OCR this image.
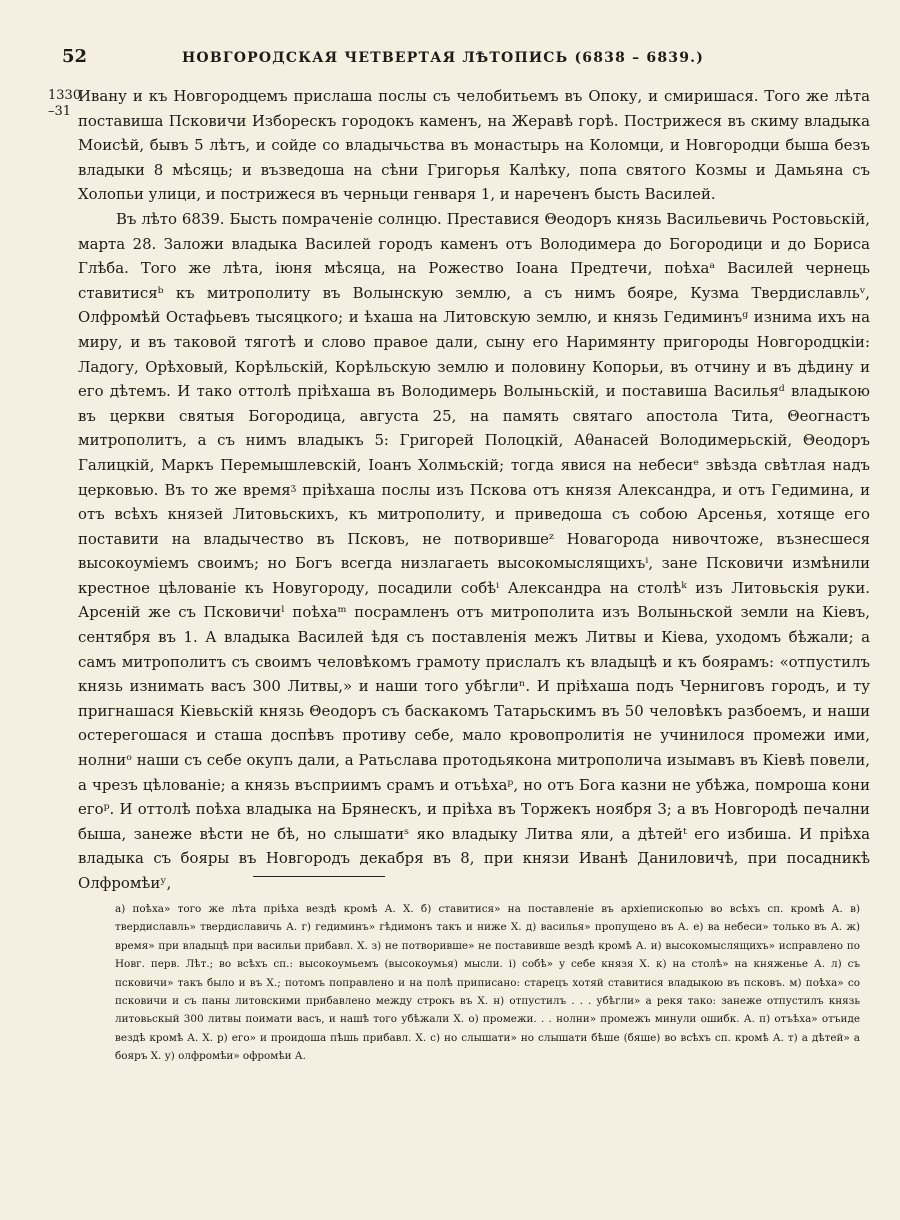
52	НОВГОРОДСКАЯ ЧЕТВЕРТАЯ ЛѢТОПИСЬ (6838 – 6839.)
1330
–31

Ивану и къ Новгородцемъ прислаша послы съ челобитьемъ въ Опоку, и смиришася. Того же лѣта поставиша Псковичи Изборескъ городокъ каменъ, на Жеравѣ горѣ. Пострижеся въ скиму владыка Моисѣй, бывъ 5 лѣтъ, и сойде со владычьства въ монастырь на Коломци, и Новгородци быша безъ владыки 8 мѣсяць; и възведоша на сѣни Григорья Калѣку, попа святого Козмы и Дамьяна съ Холопьи улици, и пострижеся въ черньци генваря 1, и нареченъ бысть Василей.

Въ лѣто 6839. Бысть помраченiе солнцю. Преставися Θеодоръ князь Васильевичь Ростовьскiй, марта 28. Заложи владыка Василей городъ каменъ отъ Володимера до Богородици и до Бориса Глѣба. Того же лѣта, iюня мѣсяца, на Рожество Iоана Предтечи, поѣхаᵃ Василей чернець ставитисяᵇ къ митрополиту въ Волынскую землю, а съ нимъ бояре, Кузма Твердиславльᵛ, Олфромѣй Остафьевъ тысяцкого; и ѣхаша на Литовскую землю, и князь Гедиминъᵍ изнима ихъ на миру, и въ таковой тяготѣ и слово правое дали, сыну его Наримянту пригороды Новгородцкiи: Ладогу, Орѣховый, Корѣльскiй, Корѣльскую землю и половину Копорьи, въ отчину и въ дѣдину и его дѣтемъ. И тако оттолѣ прiѣхаша въ Володимерь Волыньскiй, и поставиша Васильяᵈ владыкою въ церкви святыя Богородица, августа 25, на память святаго апостола Тита, Θеогнастъ митрополитъ, а съ нимъ владыкъ 5: Григорей Полоцкiй, Аθанасей Володимерьскiй, Θеодоръ Галицкiй, Маркъ Перемышлевскiй, Iоанъ Холмьскiй; тогда явися на небесиᵉ звѣзда свѣтлая надъ церковью. Въ то же времяᶾ прiѣхаша послы изъ Пскова отъ князя Александра, и отъ Гедимина, и отъ всѣхъ князей Литовьскихъ, къ митрополиту, и приведоша съ собою Арсенья, хотяще его поставити на владычество въ Псковъ, не потворившеᶻ Новагорода нивочтоже, възнесшеся высокоумiемъ своимъ; но Богъ всегда низлагаеть высокомыслящихъⁱ, зане Псковичи измѣнили крестное цѣлованiе къ Новугороду, посадили собѣⁱ Александра на столѣᵏ изъ Литовьскiя руки. Арсенiй же съ Псковичиˡ поѣхаᵐ посрамленъ отъ митрополита изъ Волыньской земли на Кiевъ, сентября въ 1. А владыка Василей ѣдя съ поставленiя межъ Литвы и Кiева, уходомъ бѣжали; а самъ митрополитъ съ своимъ человѣкомъ грамоту прислалъ къ владыцѣ и къ боярамъ: «отпустилъ князь изнимать васъ 300 Литвы,» и наши того убѣглиⁿ. И прiѣхаша подъ Черниговъ городъ, и ту пригнашася Кiевьскiй князь Θеодоръ съ баскакомъ Татарьскимъ въ 50 человѣкъ разбоемъ, и наши остерегошася и сташа доспѣвъ противу себе, мало кровопролитiя не учинилося промежи ими, нолниᵒ наши съ себе окупъ дали, а Ратьслава протодьякона митрополича изымавъ въ Кiевѣ повели, а чрезъ цѣлованiе; а князь въсприимъ срамъ и отъѣхаᵖ, но отъ Бога казни не убѣжа, помроша кони егоᵖ. И оттолѣ поѣха владыка на Брянескъ, и прiѣха въ Торжекъ ноября 3; а въ Новгородѣ печални быша, занеже вѣсти не бѣ, но слышатиˢ яко владыку Литва яли, а дѣтейᵗ его избиша. И прiѣха владыка съ бояры въ Новгородъ декабря въ 8, при князи Иванѣ Даниловичѣ, при посадникѣ Олфромѣиʸ,

а) поѣха» того же лѣта прiѣха вездѣ кромѣ А. Х. б) ставитися» на поставленiе въ архiепископью во всѣхъ сп. кромѣ А. в) твердиславль» твердиславичь А. г) гедиминъ» гѣдимонъ такъ и ниже Х. д) василья» пропущено въ А. е) ва небеси» только въ А. ж) время» при владыцѣ при васильи прибавл. Х. з) не потворивше» не поставивше вездѣ кромѣ А. и) высокомыслящихъ» исправлено по Новг. перв. Лѣт.; во всѣхъ сп.: высокоумьемъ (высокоумья) мысли. i) собѣ» у себе князя Х. к) на столѣ» на княженье А. л) съ псковичи» такъ было и въ Х.; потомъ поправлено и на полѣ приписано: старецъ хотяй ставитися владыкою въ псковъ. м) поѣха» со псковичи и съ паны литовскими прибавлено между строкъ въ Х. н) отпустилъ . . . убѣгли» а рекя тако: занеже отпустилъ князь литовьскый 300 литвы поимати васъ, и нашѣ того убѣжали Х. о) промежи. . . нолни» промежъ минули ошибк. А. п) отъѣха» отъиде вездѣ кромѣ А. Х. р) его» и проидоша пѣшь прибавл. Х. с) но слышати» но слышати бѣше (бяше) во всѣхъ сп. кромѣ А. т) а дѣтей» а бояръ Х. у) олфромѣи» офромѣи А.
